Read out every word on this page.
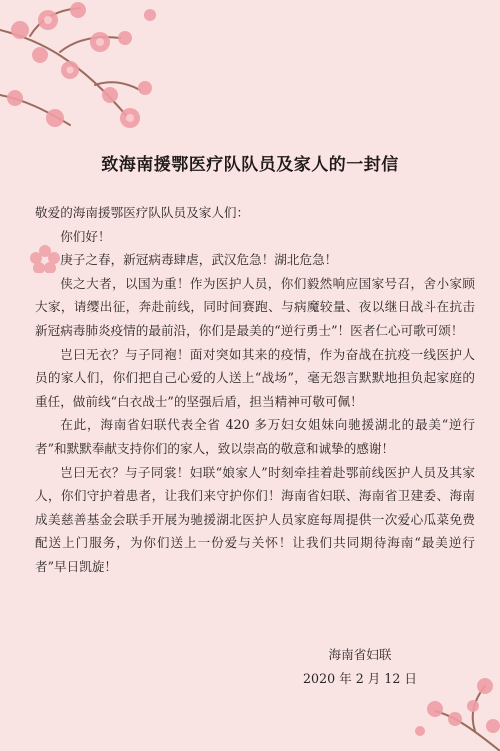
致海南援鄂医疗队队员及家人的一封信

敬爱的海南援鄂医疗队队员及家人们：

你们好！

庚子之春，新冠病毒肆虐，武汉危急！湖北危急！

侠之大者，以国为重！作为医护人员，你们毅然响应国家号召，舍小家顾大家，请缨出征，奔赴前线，同时间赛跑、与病魔较量、夜以继日战斗在抗击新冠病毒肺炎疫情的最前沿，你们是最美的“逆行勇士”！医者仁心可歌可颂！

岂曰无衣？与子同袍！面对突如其来的疫情，作为奋战在抗疫一线医护人员的家人们，你们把自己心爱的人送上“战场”，毫无怨言默默地担负起家庭的重任，做前线“白衣战士”的坚强后盾，担当精神可敬可佩！

在此，海南省妇联代表全省 420 多万妇女姐妹向驰援湖北的最美“逆行者”和默默奉献支持你们的家人，致以崇高的敬意和诚挚的感谢！

岂曰无衣？与子同裳！妇联“娘家人”时刻牵挂着赴鄂前线医护人员及其家人，你们守护着患者，让我们来守护你们！海南省妇联、海南省卫建委、海南成美慈善基金会联手开展为驰援湖北医护人员家庭每周提供一次爱心瓜菜免费配送上门服务，为你们送上一份爱与关怀！让我们共同期待海南“最美逆行者”早日凯旋！

海南省妇联
2020 年 2 月 12 日
